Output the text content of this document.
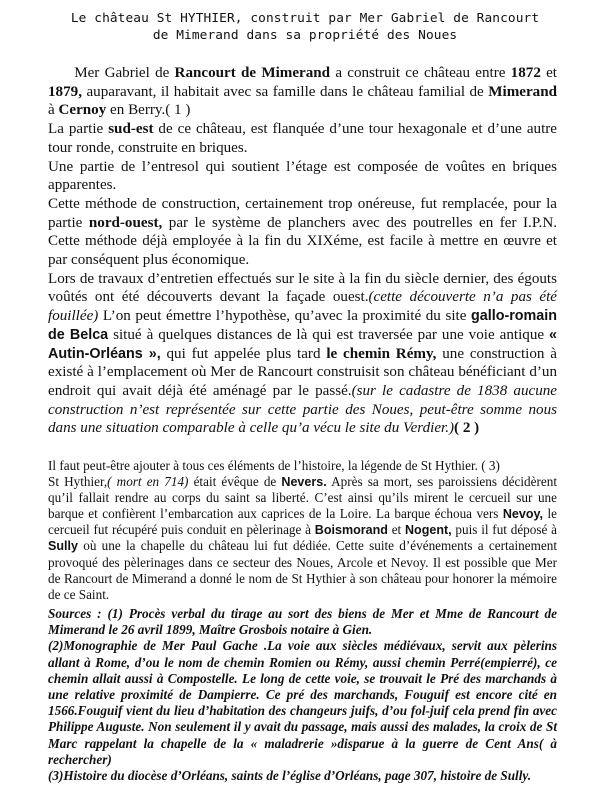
Le château St HYTHIER, construit par Mer Gabriel de Rancourt
de Mimerand dans sa propriété des Noues

Mer Gabriel de Rancourt de Mimerand a construit ce château entre 1872 et 1879, auparavant, il habitait avec sa famille dans le château familial de Mimerand à Cernoy en Berry.( 1 )

La partie sud-est de ce château, est flanquée d’une tour hexagonale et d’une autre tour ronde, construite en briques.

Une partie de l’entresol qui soutient l’étage est composée de voûtes en briques apparentes.

Cette méthode de construction, certainement trop onéreuse, fut remplacée, pour la partie nord-ouest, par le système de planchers avec des poutrelles en fer I.P.N. Cette méthode déjà employée à la fin du XIXéme, est facile à mettre en œuvre et par conséquent plus économique.

Lors de travaux d’entretien effectués sur le site à la fin du siècle dernier, des égouts voûtés ont été découverts devant la façade ouest.(cette découverte n’a pas été fouillée) L’on peut émettre l’hypothèse, qu’avec la proximité du site gallo-romain de Belca situé à quelques distances de là qui est traversée par une voie antique « Autin-Orléans », qui fut appelée plus tard le chemin Rémy, une construction à existé à l’emplacement où Mer de Rancourt construisit son château bénéficiant d’un endroit qui avait déjà été aménagé par le passé.(sur le cadastre de 1838 aucune construction n’est représentée sur cette partie des Noues, peut-être somme nous dans une situation comparable à celle qu’a vécu le site du Verdier.)( 2 )

Il faut peut-être ajouter à tous ces éléments de l’histoire, la légende de St Hythier. ( 3)

St Hythier,( mort en 714) était évêque de Nevers. Après sa mort, ses paroissiens décidèrent qu’il fallait rendre au corps du saint sa liberté. C’est ainsi qu’ils mirent le cercueil sur une barque et confièrent l’embarcation aux caprices de la Loire. La barque échoua vers Nevoy, le cercueil fut récupéré puis conduit en pèlerinage à Boismorand et Nogent, puis il fut déposé à Sully où une la chapelle du château lui fut dédiée. Cette suite d’événements a certainement provoqué des pèlerinages dans ce secteur des Noues, Arcole et Nevoy. Il est possible que Mer de Rancourt de Mimerand a donné le nom de St Hythier à son château pour honorer la mémoire de ce Saint.

Sources : (1) Procès verbal du tirage au sort des biens de Mer et Mme de Rancourt de Mimerand le 26 avril 1899, Maître Grosbois notaire à Gien.

(2)Monographie de Mer Paul Gache .La voie aux siècles médiévaux, servit aux pèlerins allant à Rome, d’ou le nom de chemin Romien ou Rémy, aussi chemin Perré(empierré), ce chemin allait aussi à Compostelle. Le long de cette voie, se trouvait le Pré des marchands à une relative proximité de Dampierre. Ce pré des marchands, Fouguif est encore cité en 1566.Fouguif vient du lieu d’habitation des changeurs juifs, d’ou fol-juif cela prend fin avec Philippe Auguste. Non seulement il y avait du passage, mais aussi des malades, la croix de St Marc rappelant la chapelle de la « maladrerie »disparue à la guerre de Cent Ans( à rechercher)

(3)Histoire du diocèse d’Orléans, saints de l’église d’Orléans, page 307, histoire de Sully.
